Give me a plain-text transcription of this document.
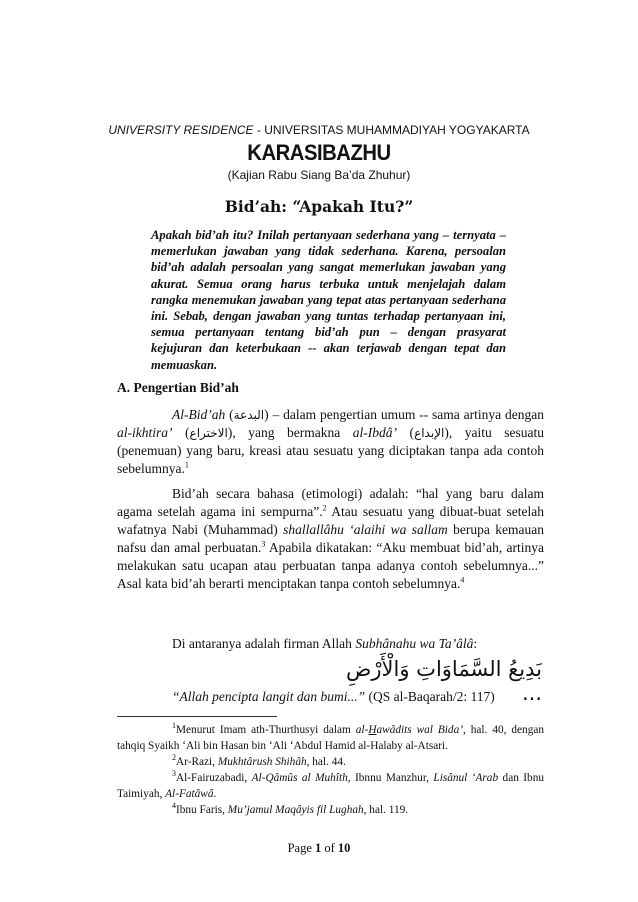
UNIVERSITY RESIDENCE - UNIVERSITAS MUHAMMADIYAH YOGYAKARTA
KARASIBAZHU
(Kajian Rabu Siang Ba’da Zhuhur)
Bid’ah: “Apakah Itu?”
Apakah bid’ah itu? Inilah pertanyaan sederhana yang – ternyata – memerlukan jawaban yang tidak sederhana. Karena, persoalan bid’ah adalah persoalan yang sangat memerlukan jawaban yang akurat. Semua orang harus terbuka untuk menjelajah dalam rangka menemukan jawaban yang tepat atas pertanyaan sederhana ini. Sebab, dengan jawaban yang tuntas terhadap pertanyaan ini, semua pertanyaan tentang bid’ah pun – dengan prasyarat kejujuran dan keterbukaan -- akan terjawab dengan tepat dan memuaskan.
A. Pengertian Bid’ah
Al-Bid’ah (البدعة) – dalam pengertian umum -- sama artinya dengan al-ikhtira’ (الاختراع), yang bermakna al-Ibdâ’ (الإبداع), yaitu sesuatu (penemuan) yang baru, kreasi atau sesuatu yang diciptakan tanpa ada contoh sebelumnya.$^1$
Bid’ah secara bahasa (etimologi) adalah: “hal yang baru dalam agama setelah agama ini sempurna”.$^2$ Atau sesuatu yang dibuat-buat setelah wafatnya Nabi (Muhammad) shallallâhu ‘alaihi wa sallam berupa kemauan nafsu dan amal perbuatan.$^3$ Apabila dikatakan: “Aku membuat bid’ah, artinya melakukan satu ucapan atau perbuatan tanpa adanya contoh sebelumnya...” Asal kata bid’ah berarti menciptakan tanpa contoh sebelumnya.$^4$
Di antaranya adalah firman Allah Subhânahu wa Ta’âlâ:
بَدِيعُ السَّمَاوَاتِ وَالْأَرْضِ ...
“Allah pencipta langit dan bumi...” (QS al-Baqarah/2: 117)
$^1$Menurut Imam ath-Thurthusyi dalam al-Hawâdits wal Bida’, hal. 40, dengan tahqiq Syaikh ‘Ali bin Hasan bin ‘Ali ‘Abdul Hamid al-Halaby al-Atsari.
$^2$Ar-Razi, Mukhtârush Shihâh, hal. 44.
$^3$Al-Fairuzabadi, Al-Qâmûs al Muhîth, Ibnnu Manzhur, Lisânul ‘Arab dan Ibnu Taimiyah, Al-Fatâwâ.
$^4$Ibnu Faris, Mu’jamul Maqâyis fil Lughah, hal. 119.
Page 1 of 10
